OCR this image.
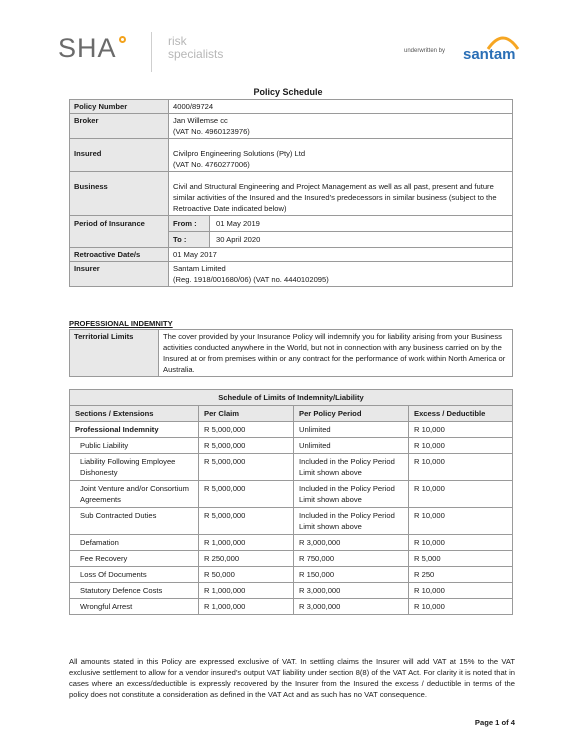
SHA	risk
specialists	underwritten by santam
Policy Schedule
Policy Number	4000/89724
Broker	Jan Willemse cc
(VAT No. 4960123976)

Insured	Civilpro Engineering Solutions (Pty) Ltd
(VAT No. 4760277006)

Business	Civil and Structural Engineering and Project Management as well as all past, present and future similar activities of the Insured and the Insured’s predecessors in similar business (subject to the Retroactive Date indicated below)
Period of Insurance	From : 01 May 2019
To : 30 April 2020

Retroactive Date/s	01 May 2017
Insurer	Santam Limited
(Reg. 1918/001680/06) (VAT no. 4440102095)
PROFESSIONAL INDEMNITY
Territorial Limits	The cover provided by your Insurance Policy will indemnify you for liability arising from your Business activities conducted anywhere in the World, but not in connection with any business carried on by the Insured at or from premises within or any contract for the performance of work within North America or Australia.
Schedule of Limits of Indemnity/Liability			
Sections / Extensions	Per Claim	Per Policy Period	Excess / Deductible
Professional Indemnity	R 5,000,000	Unlimited	R 10,000
Public Liability	R 5,000,000	Unlimited	R 10,000
Liability Following Employee Dishonesty	R 5,000,000	Included in the Policy Period Limit shown above	R 10,000
Joint Venture and/or Consortium Agreements	R 5,000,000	Included in the Policy Period Limit shown above	R 10,000
Sub Contracted Duties	R 5,000,000	Included in the Policy Period Limit shown above	R 10,000
Defamation	R 1,000,000	R 3,000,000	R 10,000
Fee Recovery	R 250,000	R 750,000	R 5,000
Loss Of Documents	R 50,000	R 150,000	R 250
Statutory Defence Costs	R 1,000,000	R 3,000,000	R 10,000
Wrongful Arrest	R 1,000,000	R 3,000,000	R 10,000
All amounts stated in this Policy are expressed exclusive of VAT. In settling claims the Insurer will add VAT at 15% to the VAT exclusive settlement to allow for a vendor insured’s output VAT liability under section 8(8) of the VAT Act. For clarity it is noted that in cases where an excess/deductible is expressly recovered by the Insurer from the Insured the excess / deductible in terms of the policy does not constitute a consideration as defined in the VAT Act and as such has no VAT consequence.
Page 1 of 4
